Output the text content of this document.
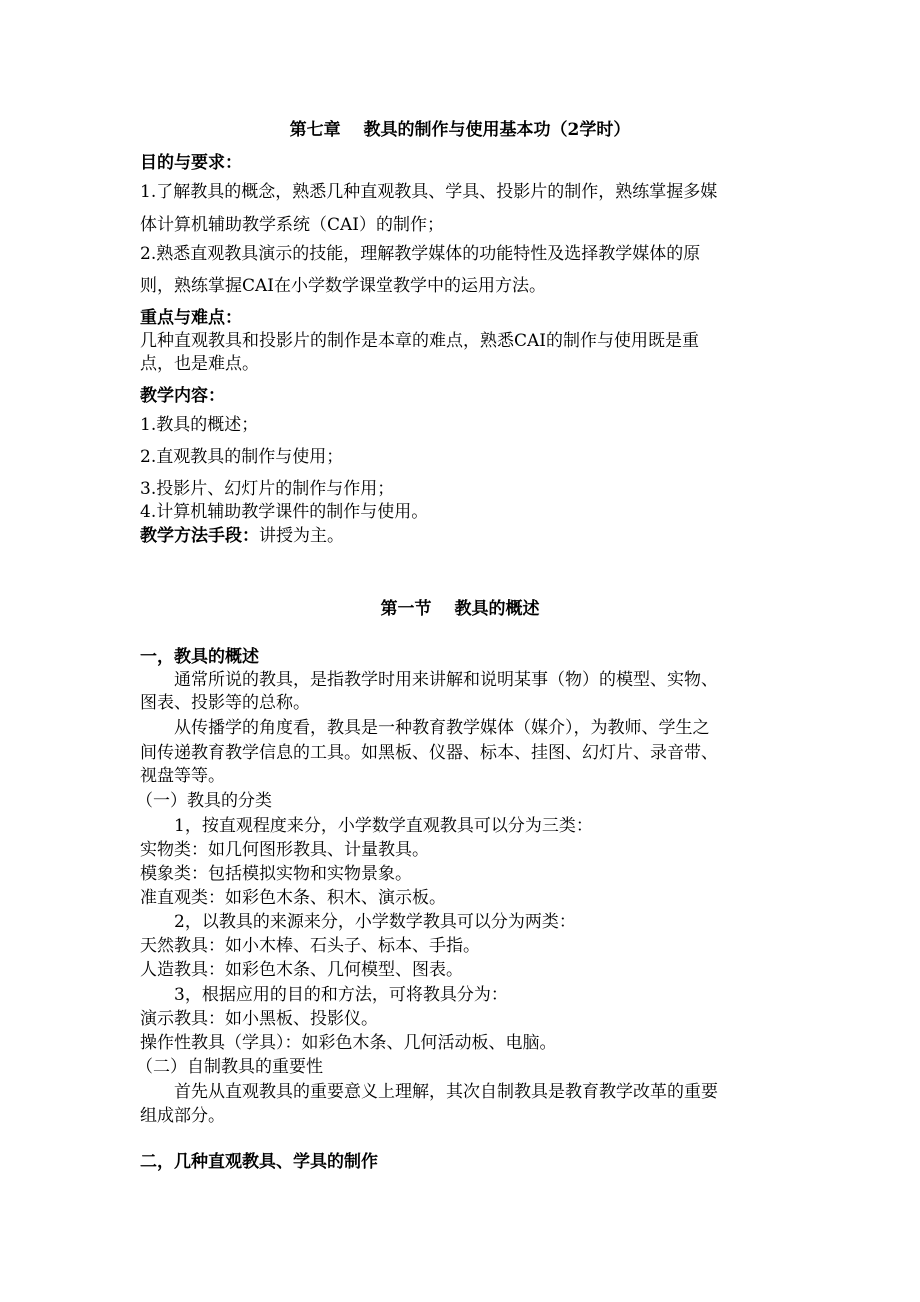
第七章　 教具的制作与使用基本功（2学时）
目的与要求：
1.了解教具的概念，熟悉几种直观教具、学具、投影片的制作，熟练掌握多媒
体计算机辅助教学系统（CAI）的制作；
2.熟悉直观教具演示的技能，理解教学媒体的功能特性及选择教学媒体的原
则，熟练掌握CAI在小学数学课堂教学中的运用方法。
重点与难点：
几种直观教具和投影片的制作是本章的难点，熟悉CAI的制作与使用既是重
点，也是难点。
教学内容：
1.教具的概述；
2.直观教具的制作与使用；
3.投影片、幻灯片的制作与作用；
4.计算机辅助教学课件的制作与使用。
教学方法手段：讲授为主。
第一节　 教具的概述
一，教具的概述
通常所说的教具，是指教学时用来讲解和说明某事（物）的模型、实物、
图表、投影等的总称。
从传播学的角度看，教具是一种教育教学媒体（媒介），为教师、学生之
间传递教育教学信息的工具。如黑板、仪器、标本、挂图、幻灯片、录音带、
视盘等等。
（一）教具的分类
1，按直观程度来分，小学数学直观教具可以分为三类：
实物类：如几何图形教具、计量教具。
模象类：包括模拟实物和实物景象。
准直观类：如彩色木条、积木、演示板。
2，以教具的来源来分，小学数学教具可以分为两类：
天然教具：如小木棒、石头子、标本、手指。
人造教具：如彩色木条、几何模型、图表。
3，根据应用的目的和方法，可将教具分为：
演示教具：如小黑板、投影仪。
操作性教具（学具）：如彩色木条、几何活动板、电脑。
（二）自制教具的重要性
首先从直观教具的重要意义上理解，其次自制教具是教育教学改革的重要
组成部分。
二，几种直观教具、学具的制作
